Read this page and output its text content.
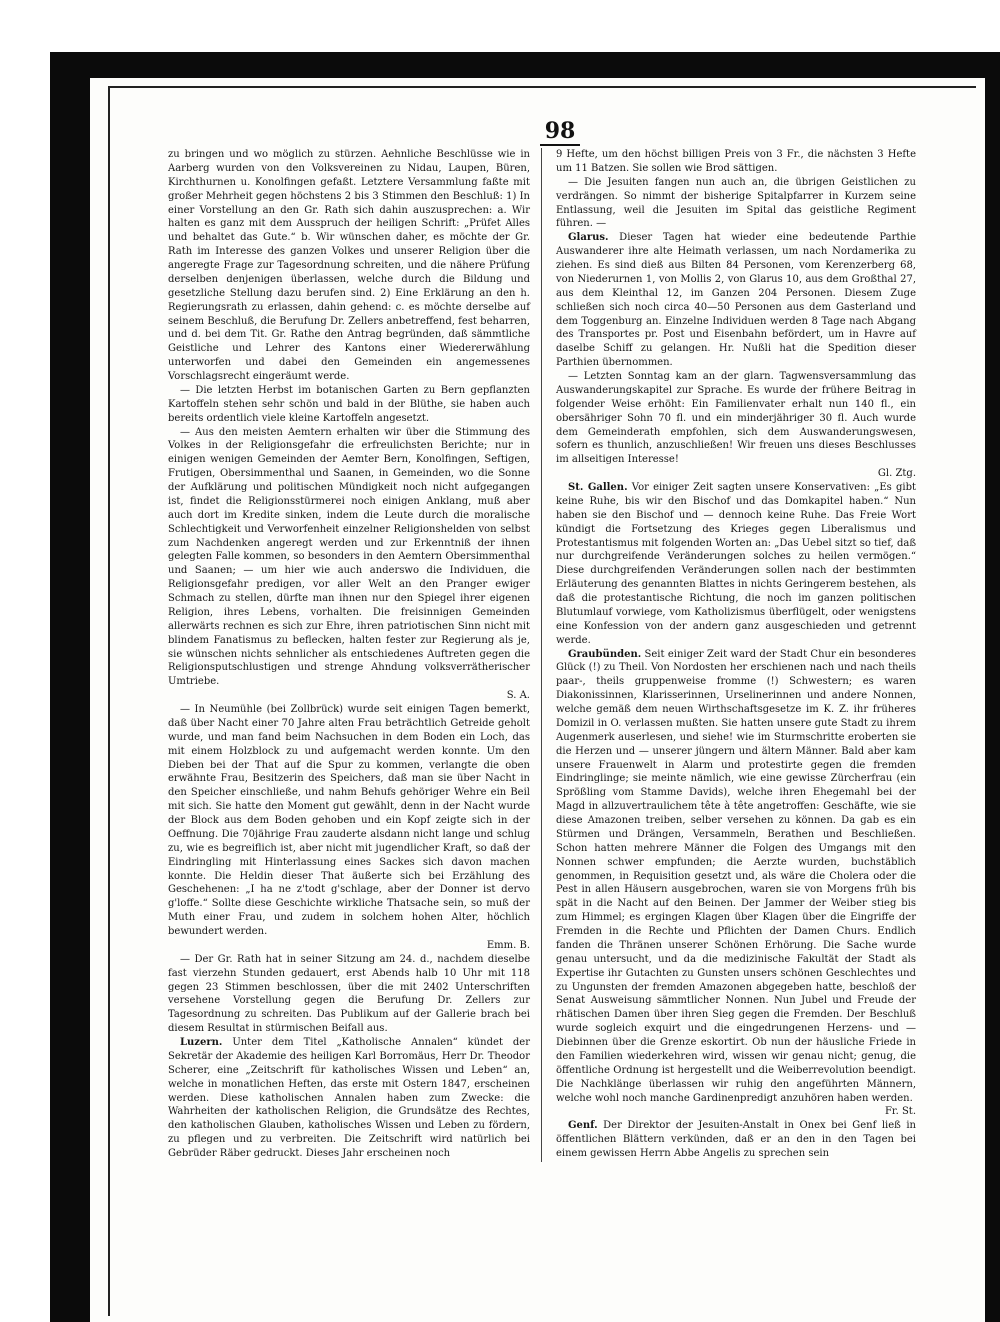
98

zu bringen und wo möglich zu stürzen. Aehnliche Beschlüsse wie in Aarberg wurden von den Volksvereinen zu Nidau, Laupen, Büren, Kirchthurnen u. Konolfingen gefaßt. Letztere Versammlung faßte mit großer Mehrheit gegen höchstens 2 bis 3 Stimmen den Beschluß: 1) In einer Vorstellung an den Gr. Rath sich dahin auszusprechen: a. Wir halten es ganz mit dem Ausspruch der heiligen Schrift: „Prüfet Alles und behaltet das Gute.“ b. Wir wünschen daher, es möchte der Gr. Rath im Interesse des ganzen Volkes und unserer Religion über die angeregte Frage zur Tagesordnung schreiten, und die nähere Prüfung derselben denjenigen überlassen, welche durch die Bildung und gesetzliche Stellung dazu berufen sind. 2) Eine Erklärung an den h. Regierungsrath zu erlassen, dahin gehend: c. es möchte derselbe auf seinem Beschluß, die Berufung Dr. Zellers anbetreffend, fest beharren, und d. bei dem Tit. Gr. Rathe den Antrag begründen, daß sämmtliche Geistliche und Lehrer des Kantons einer Wiedererwählung unterworfen und dabei den Gemeinden ein angemessenes Vorschlagsrecht eingeräumt werde.

— Die letzten Herbst im botanischen Garten zu Bern gepflanzten Kartoffeln stehen sehr schön und bald in der Blüthe, sie haben auch bereits ordentlich viele kleine Kartoffeln angesetzt.

— Aus den meisten Aemtern erhalten wir über die Stimmung des Volkes in der Religionsgefahr die erfreulichsten Berichte; nur in einigen wenigen Gemeinden der Aemter Bern, Konolfingen, Seftigen, Frutigen, Obersimmenthal und Saanen, in Gemeinden, wo die Sonne der Aufklärung und politischen Mündigkeit noch nicht aufgegangen ist, findet die Religionsstürmerei noch einigen Anklang, muß aber auch dort im Kredite sinken, indem die Leute durch die moralische Schlechtigkeit und Verworfenheit einzelner Religionshelden von selbst zum Nachdenken angeregt werden und zur Erkenntniß der ihnen gelegten Falle kommen, so besonders in den Aemtern Obersimmenthal und Saanen; — um hier wie auch anderswo die Individuen, die Religionsgefahr predigen, vor aller Welt an den Pranger ewiger Schmach zu stellen, dürfte man ihnen nur den Spiegel ihrer eigenen Religion, ihres Lebens, vorhalten. Die freisinnigen Gemeinden allerwärts rechnen es sich zur Ehre, ihren patriotischen Sinn nicht mit blindem Fanatismus zu beflecken, halten fester zur Regierung als je, sie wünschen nichts sehnlicher als entschiedenes Auftreten gegen die Religionsputschlustigen und strenge Ahndung volksverrätherischer Umtriebe.
S. A.

— In Neumühle (bei Zollbrück) wurde seit einigen Tagen bemerkt, daß über Nacht einer 70 Jahre alten Frau beträchtlich Getreide geholt wurde, und man fand beim Nachsuchen in dem Boden ein Loch, das mit einem Holzblock zu und aufgemacht werden konnte. Um den Dieben bei der That auf die Spur zu kommen, verlangte die oben erwähnte Frau, Besitzerin des Speichers, daß man sie über Nacht in den Speicher einschließe, und nahm Behufs gehöriger Wehre ein Beil mit sich. Sie hatte den Moment gut gewählt, denn in der Nacht wurde der Block aus dem Boden gehoben und ein Kopf zeigte sich in der Oeffnung. Die 70jährige Frau zauderte alsdann nicht lange und schlug zu, wie es begreiflich ist, aber nicht mit jugendlicher Kraft, so daß der Eindringling mit Hinterlassung eines Sackes sich davon machen konnte. Die Heldin dieser That äußerte sich bei Erzählung des Geschehenen: „I ha ne z'todt g'schlage, aber der Donner ist dervo g'loffe.“ Sollte diese Geschichte wirkliche Thatsache sein, so muß der Muth einer Frau, und zudem in solchem hohen Alter, höchlich bewundert werden.
Emm. B.

— Der Gr. Rath hat in seiner Sitzung am 24. d., nachdem dieselbe fast vierzehn Stunden gedauert, erst Abends halb 10 Uhr mit 118 gegen 23 Stimmen beschlossen, über die mit 2402 Unterschriften versehene Vorstellung gegen die Berufung Dr. Zellers zur Tagesordnung zu schreiten. Das Publikum auf der Gallerie brach bei diesem Resultat in stürmischen Beifall aus.

Luzern. Unter dem Titel „Katholische Annalen“ kündet der Sekretär der Akademie des heiligen Karl Borromäus, Herr Dr. Theodor Scherer, eine „Zeitschrift für katholisches Wissen und Leben“ an, welche in monatlichen Heften, das erste mit Ostern 1847, erscheinen werden. Diese katholischen Annalen haben zum Zwecke: die Wahrheiten der katholischen Religion, die Grundsätze des Rechtes, den katholischen Glauben, katholisches Wissen und Leben zu fördern, zu pflegen und zu verbreiten. Die Zeitschrift wird natürlich bei Gebrüder Räber gedruckt. Dieses Jahr erscheinen noch

9 Hefte, um den höchst billigen Preis von 3 Fr., die nächsten 3 Hefte um 11 Batzen. Sie sollen wie Brod sättigen.

— Die Jesuiten fangen nun auch an, die übrigen Geistlichen zu verdrängen. So nimmt der bisherige Spitalpfarrer in Kurzem seine Entlassung, weil die Jesuiten im Spital das geistliche Regiment führen. —

Glarus. Dieser Tagen hat wieder eine bedeutende Parthie Auswanderer ihre alte Heimath verlassen, um nach Nordamerika zu ziehen. Es sind dieß aus Bilten 84 Personen, vom Kerenzerberg 68, von Niederurnen 1, von Mollis 2, von Glarus 10, aus dem Großthal 27, aus dem Kleinthal 12, im Ganzen 204 Personen. Diesem Zuge schließen sich noch circa 40—50 Personen aus dem Gasterland und dem Toggenburg an. Einzelne Individuen werden 8 Tage nach Abgang des Transportes pr. Post und Eisenbahn befördert, um in Havre auf daselbe Schiff zu gelangen. Hr. Nußli hat die Spedition dieser Parthien übernommen.

— Letzten Sonntag kam an der glarn. Tagwensversammlung das Auswanderungskapitel zur Sprache. Es wurde der frühere Beitrag in folgender Weise erhöht: Ein Familienvater erhalt nun 140 fl., ein obersähriger Sohn 70 fl. und ein minderjähriger 30 fl. Auch wurde dem Gemeinderath empfohlen, sich dem Auswanderungswesen, sofern es thunlich, anzuschließen! Wir freuen uns dieses Beschlusses im allseitigen Interesse!
Gl. Ztg.

St. Gallen. Vor einiger Zeit sagten unsere Konservativen: „Es gibt keine Ruhe, bis wir den Bischof und das Domkapitel haben.“ Nun haben sie den Bischof und — dennoch keine Ruhe. Das Freie Wort kündigt die Fortsetzung des Krieges gegen Liberalismus und Protestantismus mit folgenden Worten an: „Das Uebel sitzt so tief, daß nur durchgreifende Veränderungen solches zu heilen vermögen.“ Diese durchgreifenden Veränderungen sollen nach der bestimmten Erläuterung des genannten Blattes in nichts Geringerem bestehen, als daß die protestantische Richtung, die noch im ganzen politischen Blutumlauf vorwiege, vom Katholizismus überflügelt, oder wenigstens eine Konfession von der andern ganz ausgeschieden und getrennt werde.

Graubünden. Seit einiger Zeit ward der Stadt Chur ein besonderes Glück (!) zu Theil. Von Nordosten her erschienen nach und nach theils paar-, theils gruppenweise fromme (!) Schwestern; es waren Diakonissinnen, Klarisserinnen, Urselinerinnen und andere Nonnen, welche gemäß dem neuen Wirthschaftsgesetze im K. Z. ihr früheres Domizil in O. verlassen mußten. Sie hatten unsere gute Stadt zu ihrem Augenmerk auserlesen, und siehe! wie im Sturmschritte eroberten sie die Herzen und — unserer jüngern und ältern Männer. Bald aber kam unsere Frauenwelt in Alarm und protestirte gegen die fremden Eindringlinge; sie meinte nämlich, wie eine gewisse Zürcherfrau (ein Sprößling vom Stamme Davids), welche ihren Ehegemahl bei der Magd in allzuvertraulichem tête à tête angetroffen: Geschäfte, wie sie diese Amazonen treiben, selber versehen zu können. Da gab es ein Stürmen und Drängen, Versammeln, Berathen und Beschließen. Schon hatten mehrere Männer die Folgen des Umgangs mit den Nonnen schwer empfunden; die Aerzte wurden, buchstäblich genommen, in Requisition gesetzt und, als wäre die Cholera oder die Pest in allen Häusern ausgebrochen, waren sie von Morgens früh bis spät in die Nacht auf den Beinen. Der Jammer der Weiber stieg bis zum Himmel; es ergingen Klagen über Klagen über die Eingriffe der Fremden in die Rechte und Pflichten der Damen Churs. Endlich fanden die Thränen unserer Schönen Erhörung. Die Sache wurde genau untersucht, und da die medizinische Fakultät der Stadt als Expertise ihr Gutachten zu Gunsten unsers schönen Geschlechtes und zu Ungunsten der fremden Amazonen abgegeben hatte, beschloß der Senat Ausweisung sämmtlicher Nonnen. Nun Jubel und Freude der rhätischen Damen über ihren Sieg gegen die Fremden. Der Beschluß wurde sogleich exquirt und die eingedrungenen Herzens- und — Diebinnen über die Grenze eskortirt. Ob nun der häusliche Friede in den Familien wiederkehren wird, wissen wir genau nicht; genug, die öffentliche Ordnung ist hergestellt und die Weiberrevolution beendigt. Die Nachklänge überlassen wir ruhig den angeführten Männern, welche wohl noch manche Gardinenpredigt anzuhören haben werden.
Fr. St.

Genf. Der Direktor der Jesuiten-Anstalt in Onex bei Genf ließ in öffentlichen Blättern verkünden, daß er an den in den Tagen bei einem gewissen Herrn Abbe Angelis zu sprechen sein
